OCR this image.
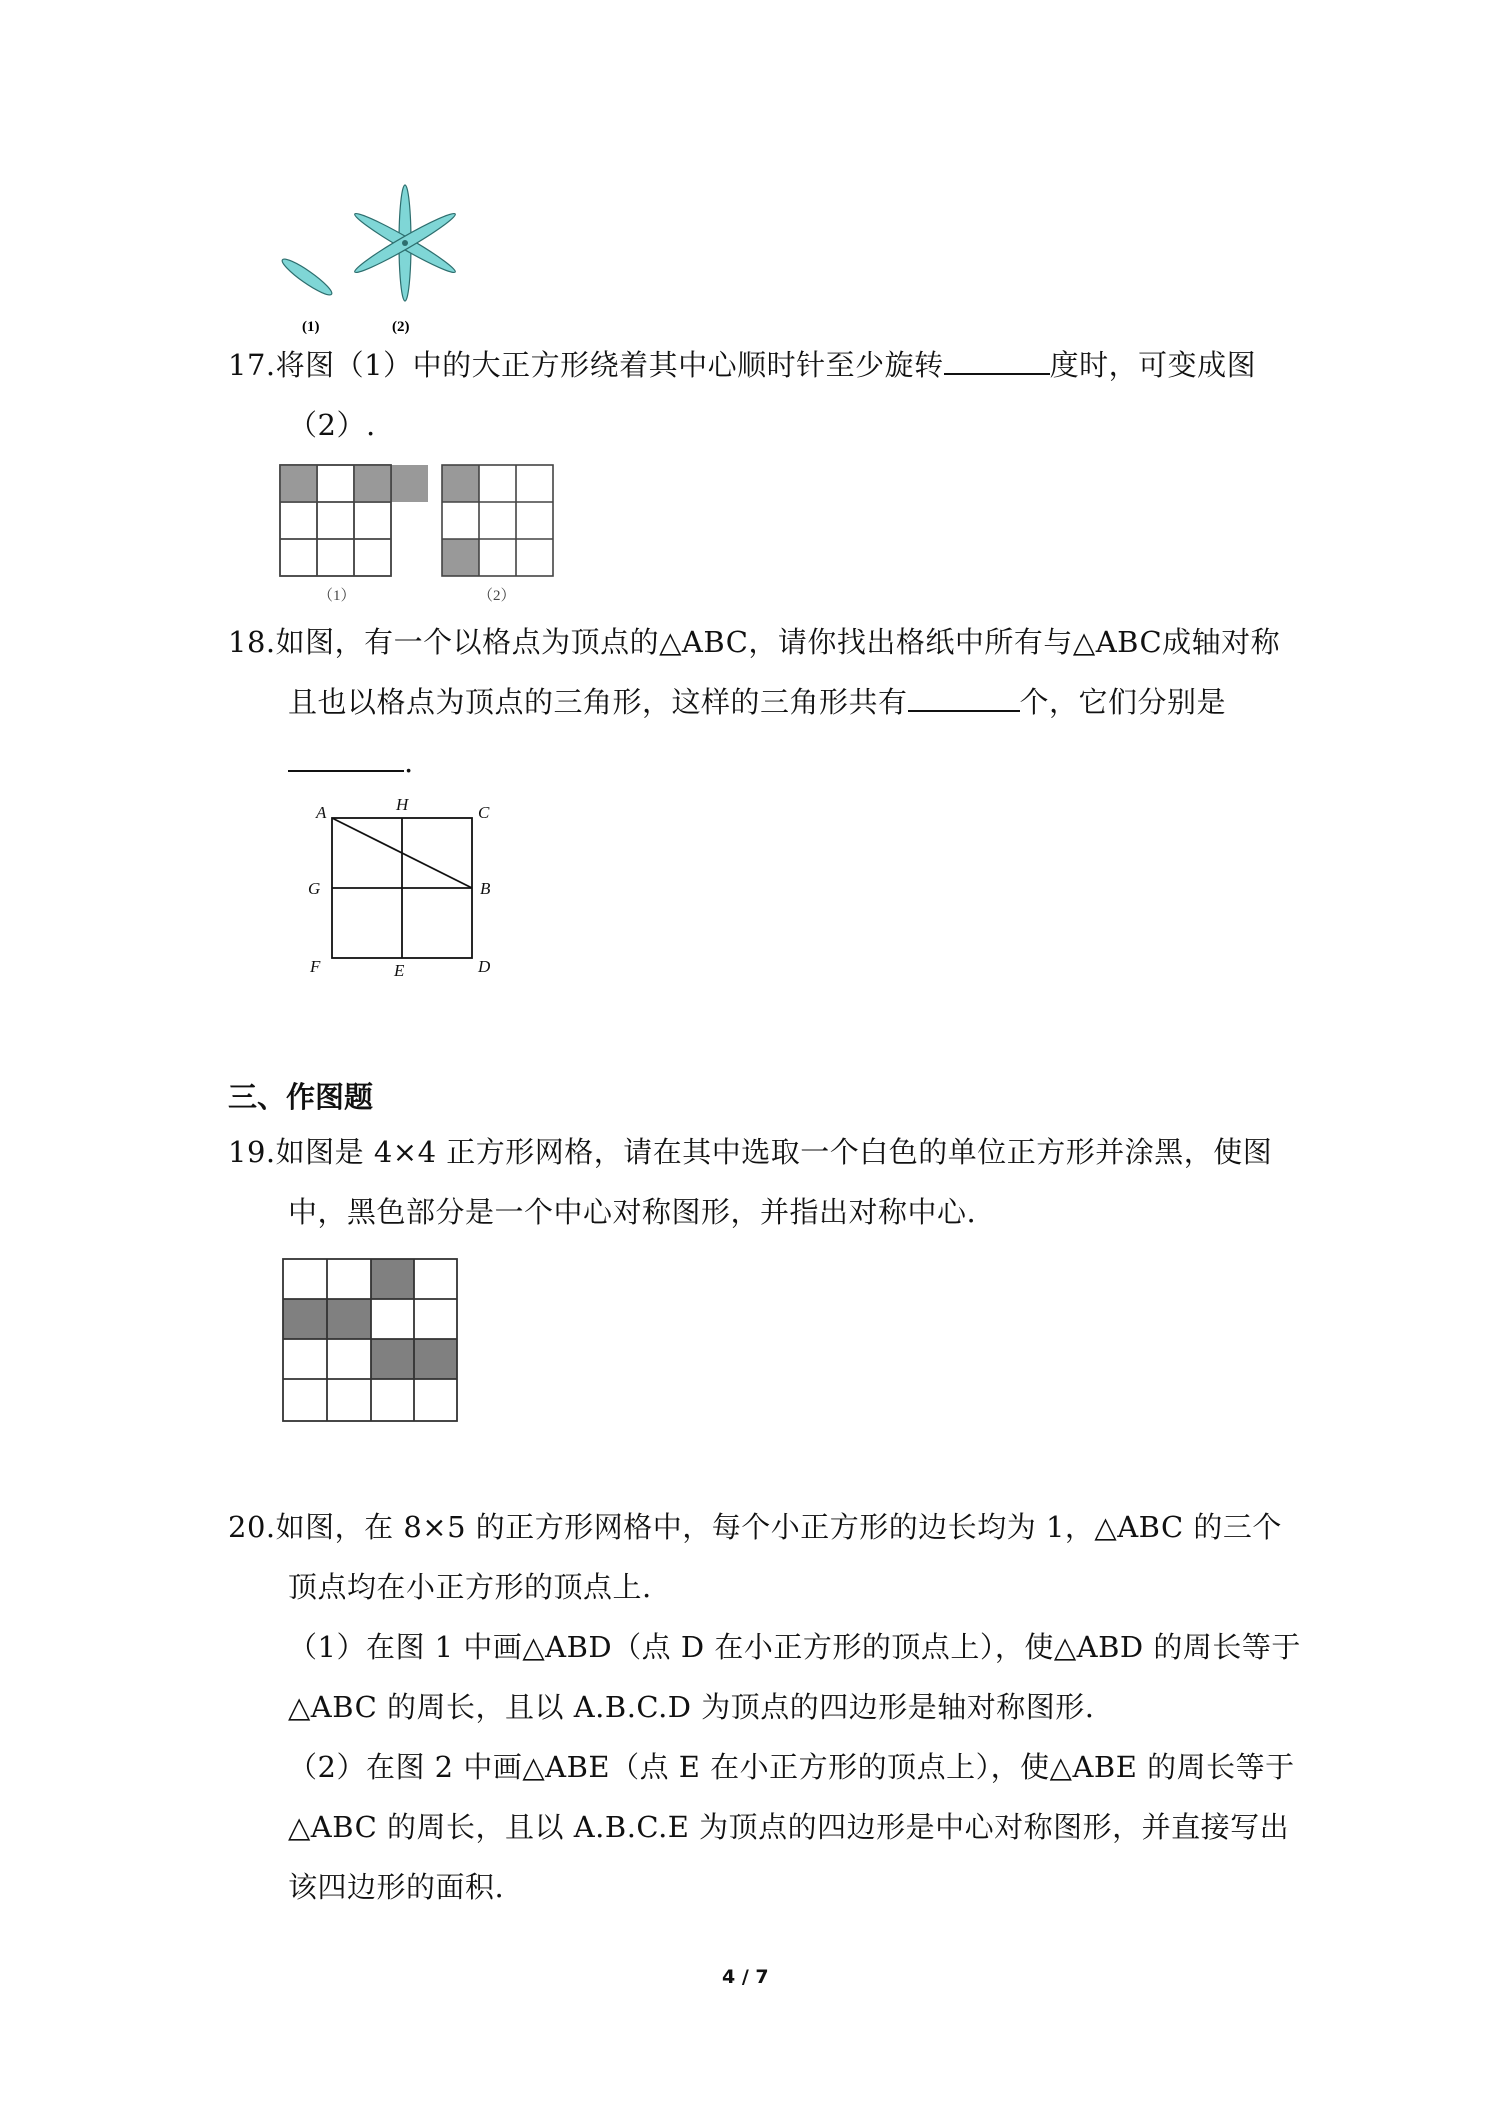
(1)	(2)
17.将图（1）中的大正方形绕着其中心顺时针至少旋转	度时，可变成图
（2）.
（1）	（2）
18.如图，有一个以格点为顶点的△ABC，请你找出格纸中所有与△ABC成轴对称
且也以格点为顶点的三角形，这样的三角形共有	个，它们分别是
.
A	H	C
G	B
F	E	D
三、作图题
19.如图是 4×4 正方形网格，请在其中选取一个白色的单位正方形并涂黑，使图
中，黑色部分是一个中心对称图形，并指出对称中心.
20.如图，在 8×5 的正方形网格中，每个小正方形的边长均为 1，△ABC 的三个
顶点均在小正方形的顶点上.
（1）在图 1 中画△ABD（点 D 在小正方形的顶点上），使△ABD 的周长等于
△ABC 的周长，且以 A.B.C.D 为顶点的四边形是轴对称图形.
（2）在图 2 中画△ABE（点 E 在小正方形的顶点上），使△ABE 的周长等于
△ABC 的周长，且以 A.B.C.E 为顶点的四边形是中心对称图形，并直接写出
该四边形的面积.
4 / 7
